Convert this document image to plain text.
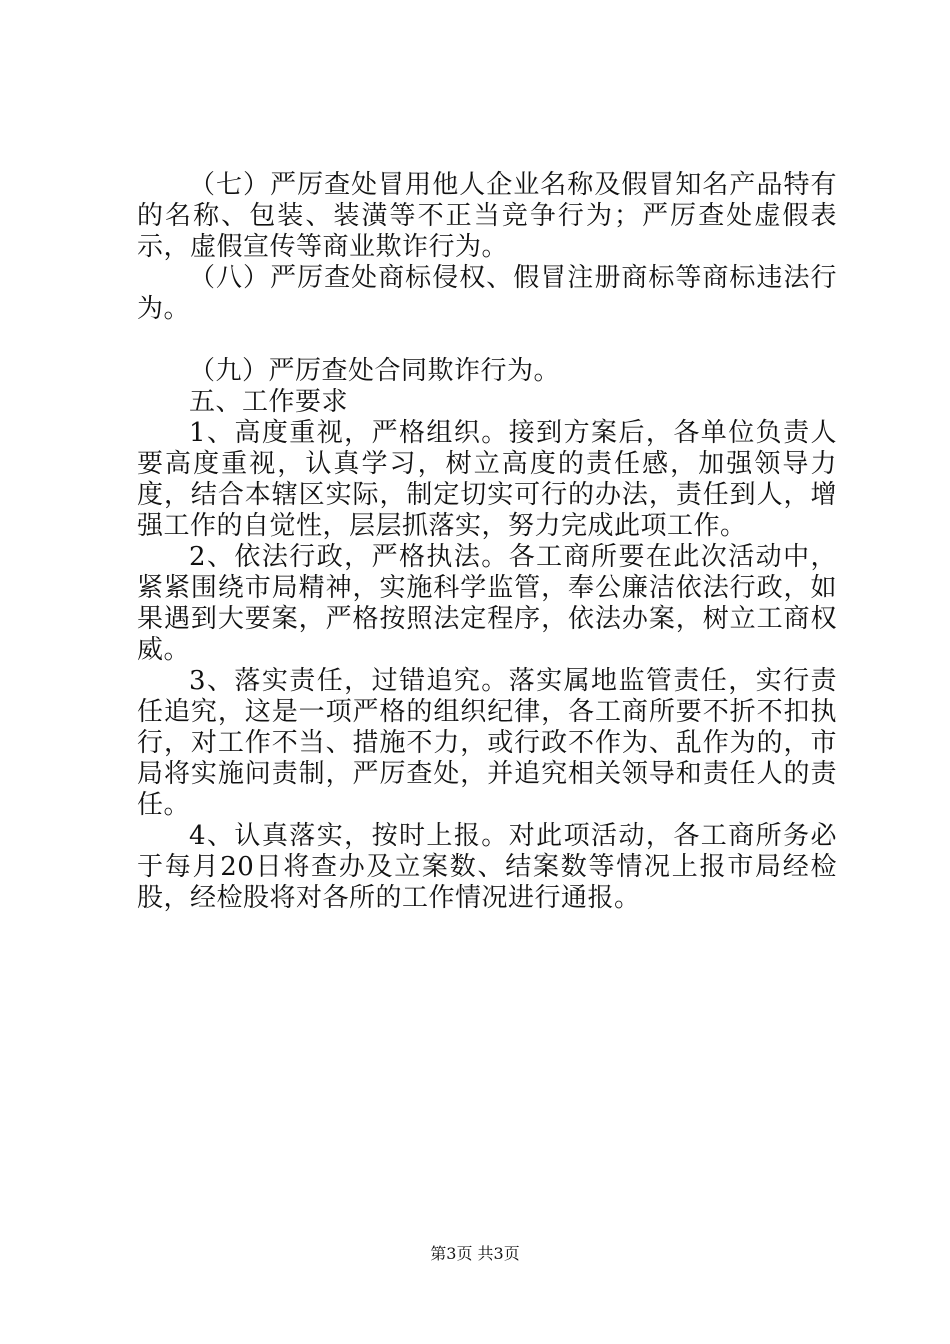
（七）严厉查处冒用他人企业名称及假冒知名产品特有的名称、包装、装潢等不正当竞争行为；严厉查处虚假表示，虚假宣传等商业欺诈行为。

（八）严厉查处商标侵权、假冒注册商标等商标违法行为。

（九）严厉查处合同欺诈行为。

五、工作要求

1、高度重视，严格组织。接到方案后，各单位负责人要高度重视，认真学习，树立高度的责任感，加强领导力度，结合本辖区实际，制定切实可行的办法，责任到人，增强工作的自觉性，层层抓落实，努力完成此项工作。

2、依法行政，严格执法。各工商所要在此次活动中，紧紧围绕市局精神，实施科学监管，奉公廉洁依法行政，如果遇到大要案，严格按照法定程序，依法办案，树立工商权威。

3、落实责任，过错追究。落实属地监管责任，实行责任追究，这是一项严格的组织纪律，各工商所要不折不扣执行，对工作不当、措施不力，或行政不作为、乱作为的，市局将实施问责制，严厉查处，并追究相关领导和责任人的责任。

4、认真落实，按时上报。对此项活动，各工商所务必于每月20日将查办及立案数、结案数等情况上报市局经检股，经检股将对各所的工作情况进行通报。

第3页 共3页
